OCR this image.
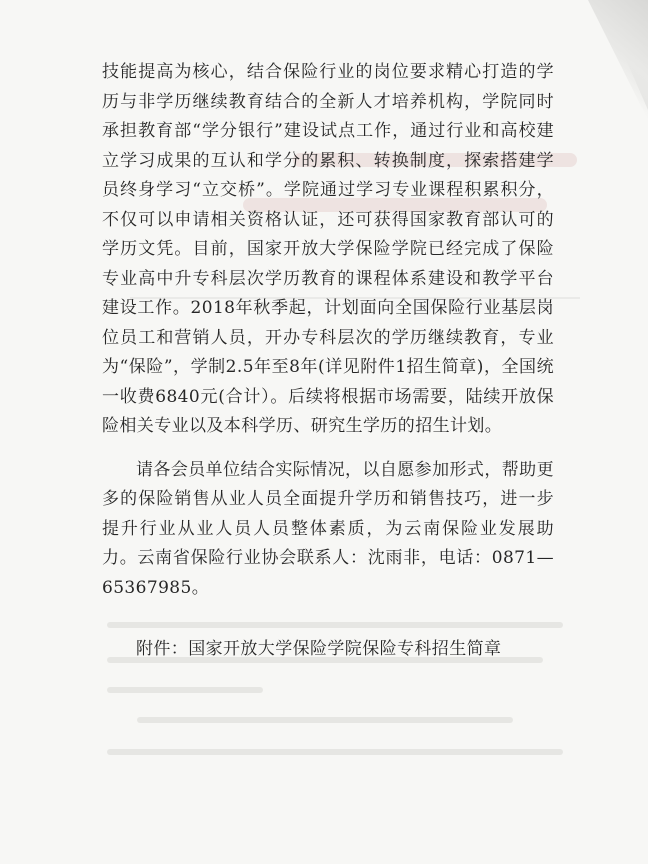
技能提高为核心，结合保险行业的岗位要求精心打造的学历与非学历继续教育结合的全新人才培养机构，学院同时承担教育部“学分银行”建设试点工作，通过行业和高校建立学习成果的互认和学分的累积、转换制度，探索搭建学员终身学习“立交桥”。学院通过学习专业课程积累积分，不仅可以申请相关资格认证，还可获得国家教育部认可的学历文凭。目前，国家开放大学保险学院已经完成了保险专业高中升专科层次学历教育的课程体系建设和教学平台建设工作。2018年秋季起，计划面向全国保险行业基层岗位员工和营销人员，开办专科层次的学历继续教育，专业为“保险”，学制2.5年至8年(详见附件1招生简章)，全国统一收费6840元(合计）。后续将根据市场需要，陆续开放保险相关专业以及本科学历、研究生学历的招生计划。

请各会员单位结合实际情况，以自愿参加形式，帮助更多的保险销售从业人员全面提升学历和销售技巧，进一步提升行业从业人员人员整体素质，为云南保险业发展助力。云南省保险行业协会联系人：沈雨非，电话：0871—65367985。

附件：国家开放大学保险学院保险专科招生简章
